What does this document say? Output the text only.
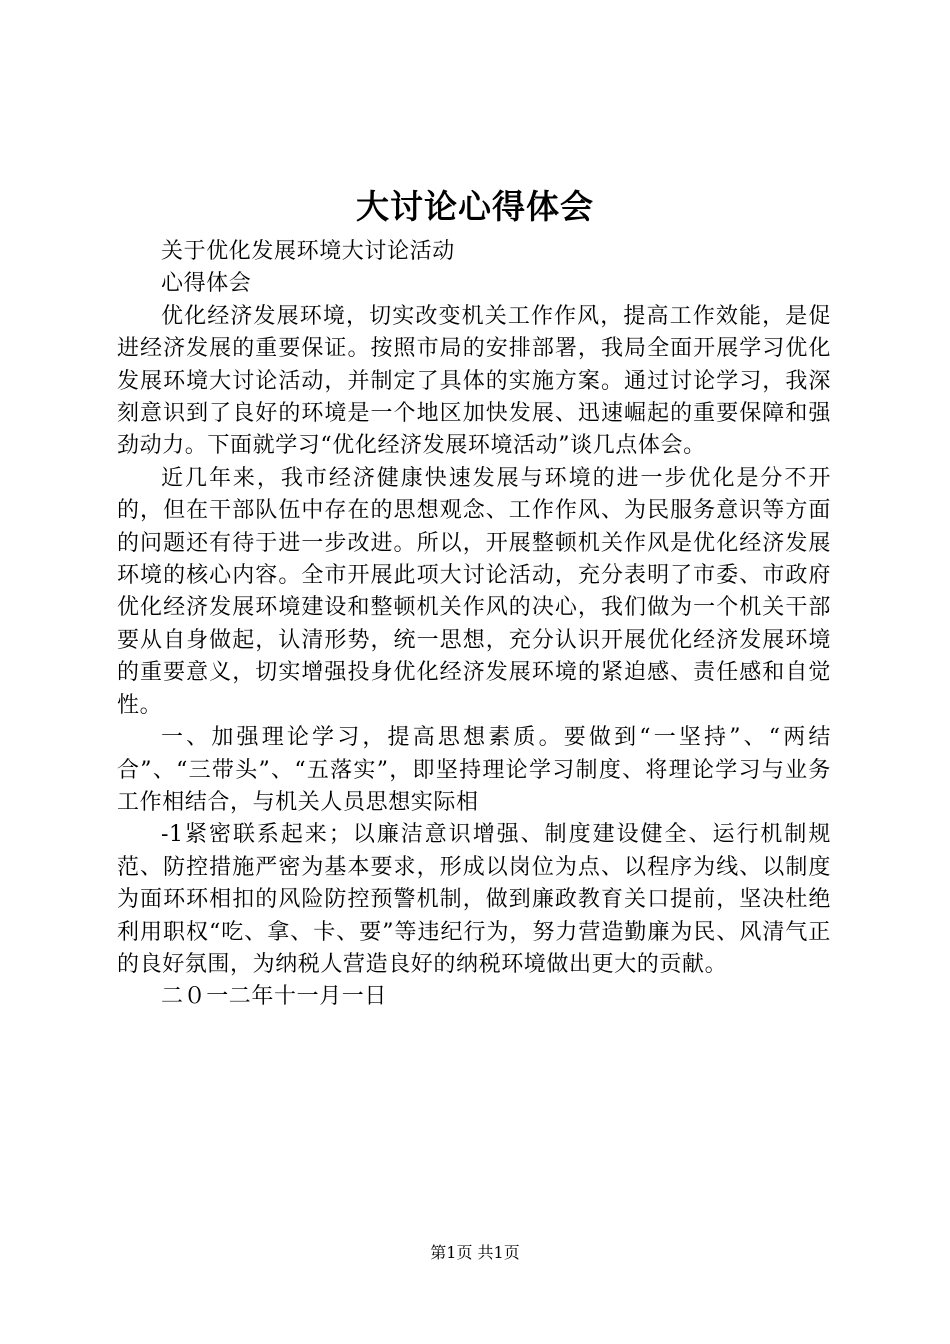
大讨论心得体会

关于优化发展环境大讨论活动

心得体会

优化经济发展环境，切实改变机关工作作风，提高工作效能，是促进经济发展的重要保证。按照市局的安排部署，我局全面开展学习优化发展环境大讨论活动，并制定了具体的实施方案。通过讨论学习，我深刻意识到了良好的环境是一个地区加快发展、迅速崛起的重要保障和强劲动力。下面就学习“优化经济发展环境活动”谈几点体会。

近几年来，我市经济健康快速发展与环境的进一步优化是分不开的，但在干部队伍中存在的思想观念、工作作风、为民服务意识等方面的问题还有待于进一步改进。所以，开展整顿机关作风是优化经济发展环境的核心内容。全市开展此项大讨论活动，充分表明了市委、市政府优化经济发展环境建设和整顿机关作风的决心，我们做为一个机关干部要从自身做起，认清形势，统一思想，充分认识开展优化经济发展环境的重要意义，切实增强投身优化经济发展环境的紧迫感、责任感和自觉性。

一、加强理论学习，提高思想素质。要做到“一坚持”、“两结合”、“三带头”、“五落实”，即坚持理论学习制度、将理论学习与业务工作相结合，与机关人员思想实际相

-1紧密联系起来；以廉洁意识增强、制度建设健全、运行机制规范、防控措施严密为基本要求，形成以岗位为点、以程序为线、以制度为面环环相扣的风险防控预警机制，做到廉政教育关口提前，坚决杜绝利用职权“吃、拿、卡、要”等违纪行为，努力营造勤廉为民、风清气正的良好氛围，为纳税人营造良好的纳税环境做出更大的贡献。

二０一二年十一月一日

第1页 共1页
